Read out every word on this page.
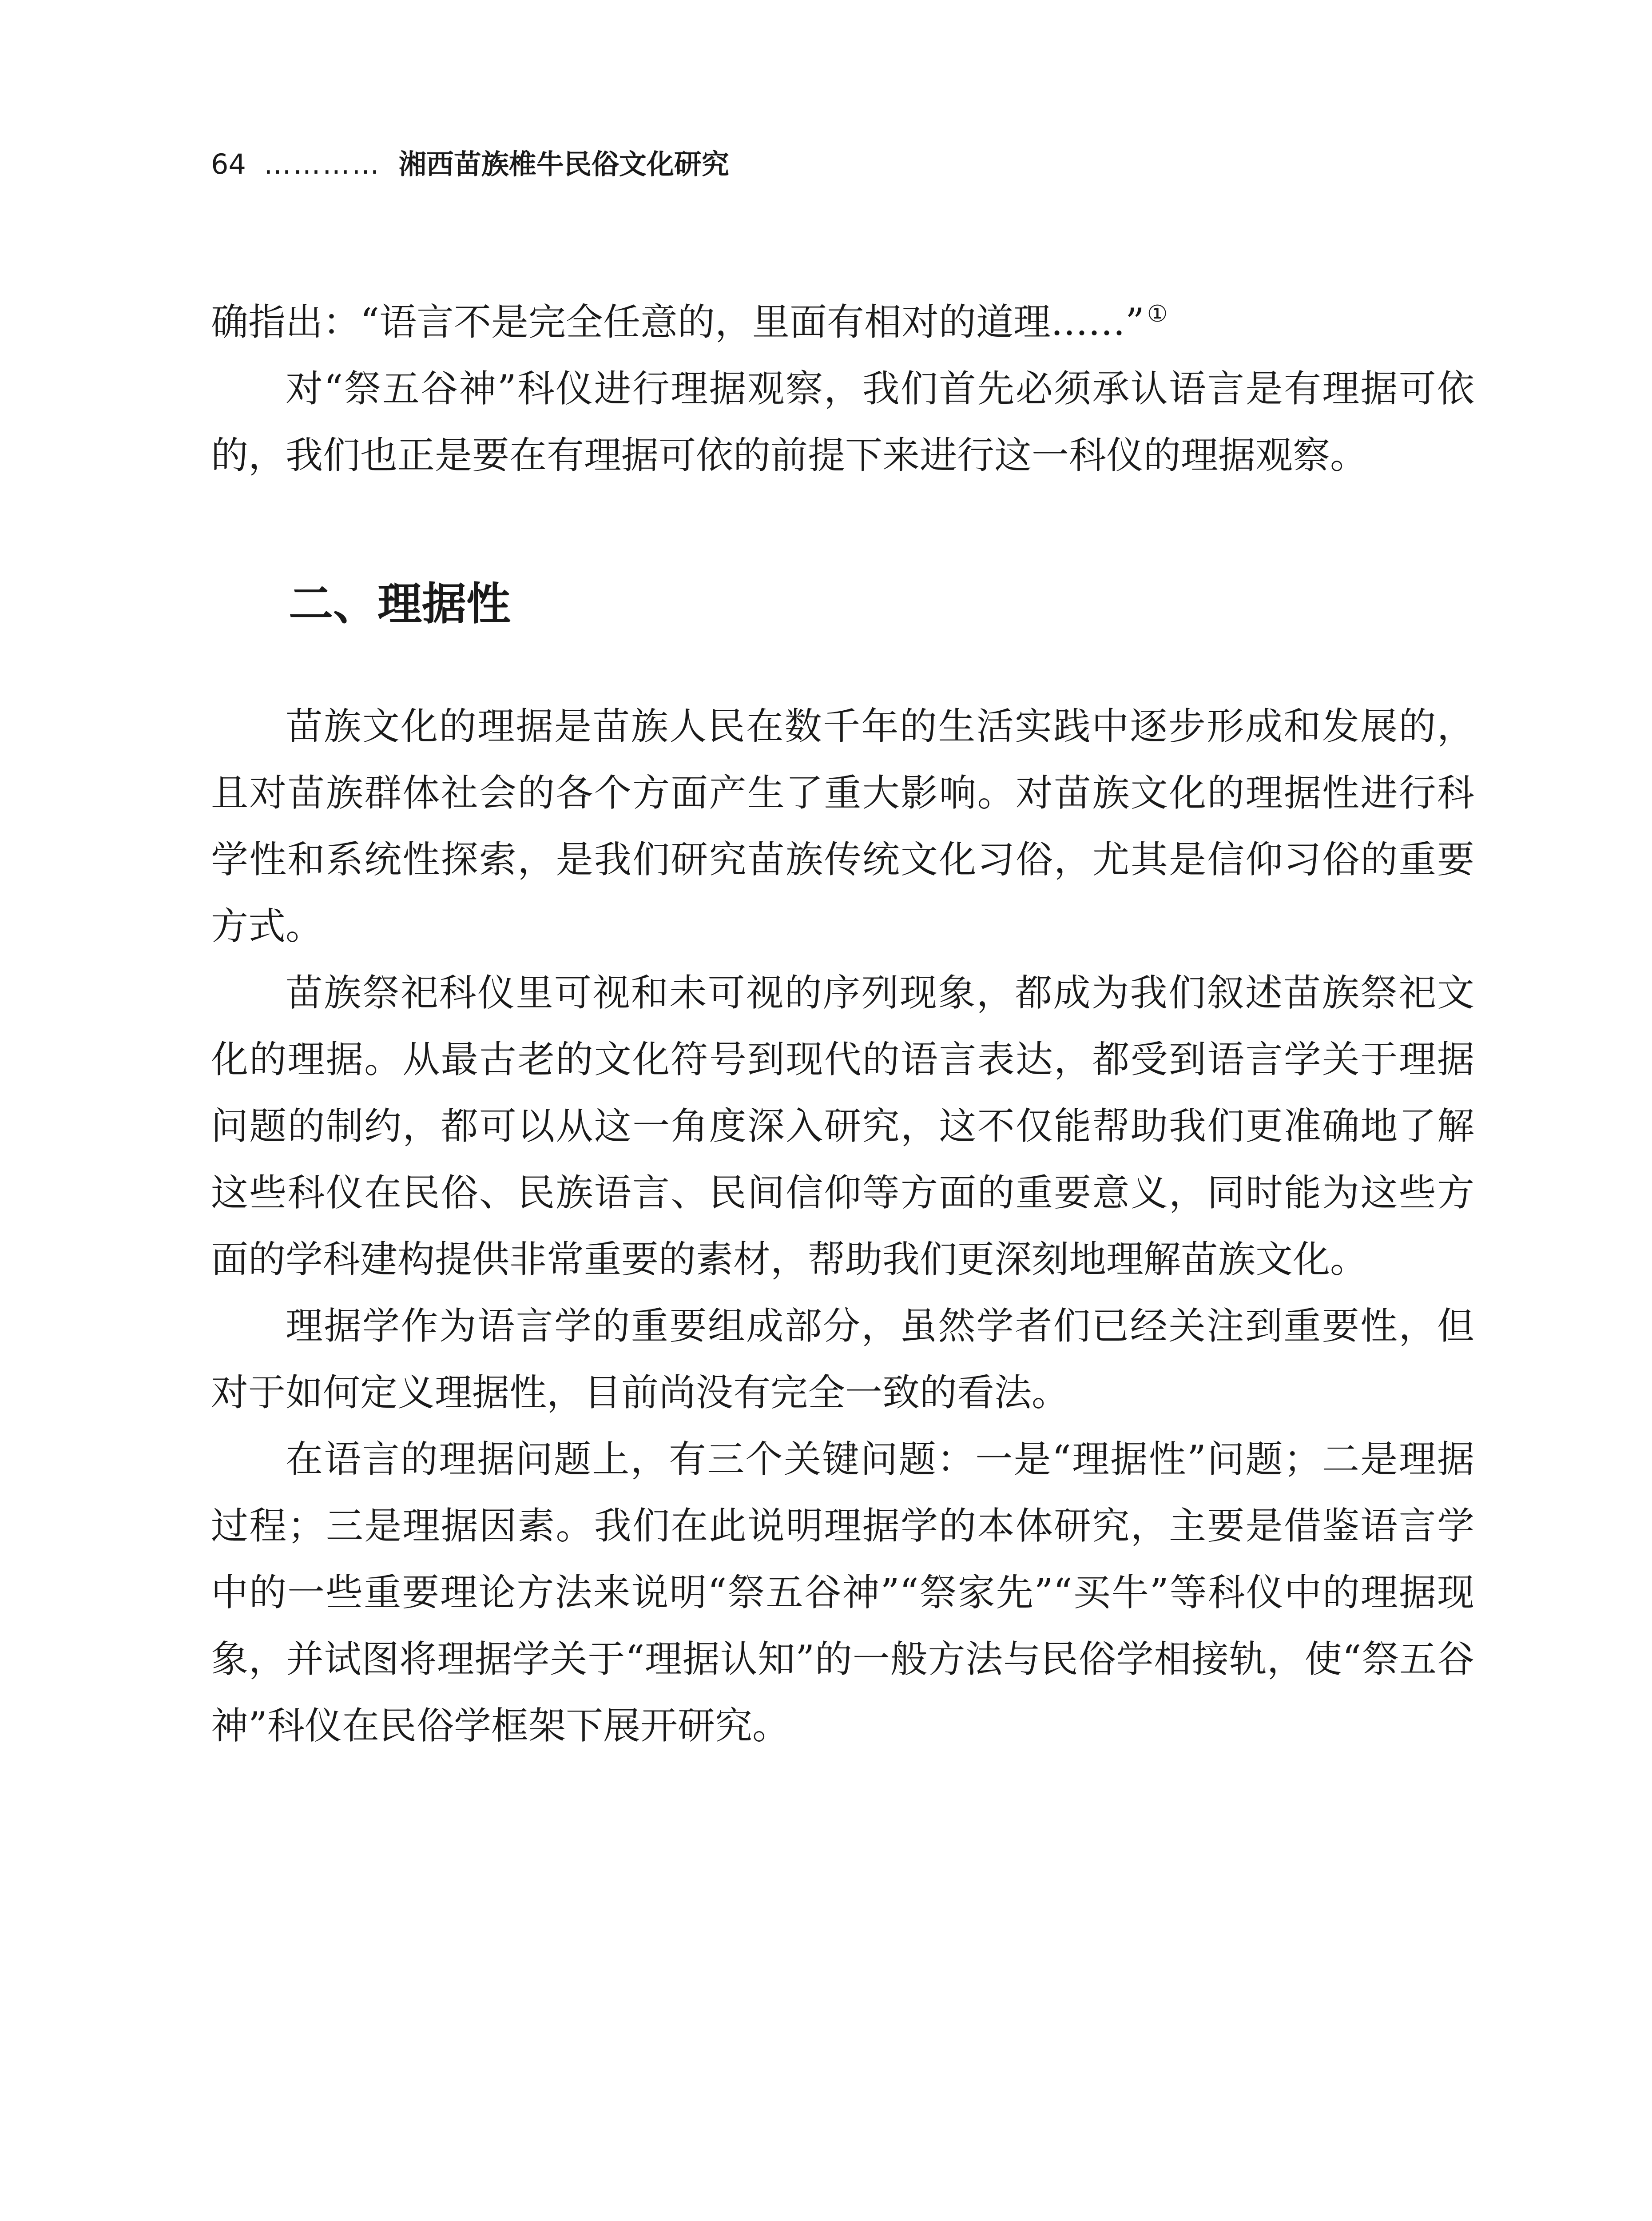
64 ………… 湘西苗族椎牛民俗文化研究

确指出：“语言不是完全任意的，里面有相对的道理……” ①

对“祭五谷神”科仪进行理据观察，我们首先必须承认语言是有理据可依的，我们也正是要在有理据可依的前提下来进行这一科仪的理据观察。

二、理据性

苗族文化的理据是苗族人民在数千年的生活实践中逐步形成和发展的，且对苗族群体社会的各个方面产生了重大影响。对苗族文化的理据性进行科学性和系统性探索，是我们研究苗族传统文化习俗，尤其是信仰习俗的重要方式。

苗族祭祀科仪里可视和未可视的序列现象，都成为我们叙述苗族祭祀文化的理据。从最古老的文化符号到现代的语言表达，都受到语言学关于理据问题的制约，都可以从这一角度深入研究，这不仅能帮助我们更准确地了解这些科仪在民俗、民族语言、民间信仰等方面的重要意义，同时能为这些方面的学科建构提供非常重要的素材，帮助我们更深刻地理解苗族文化。

理据学作为语言学的重要组成部分，虽然学者们已经关注到重要性，但对于如何定义理据性，目前尚没有完全一致的看法。

在语言的理据问题上，有三个关键问题：一是“理据性”问题；二是理据过程；三是理据因素。我们在此说明理据学的本体研究，主要是借鉴语言学中的一些重要理论方法来说明“祭五谷神”“祭家先”“买牛”等科仪中的理据现象，并试图将理据学关于“理据认知”的一般方法与民俗学相接轨，使“祭五谷神”科仪在民俗学框架下展开研究。
